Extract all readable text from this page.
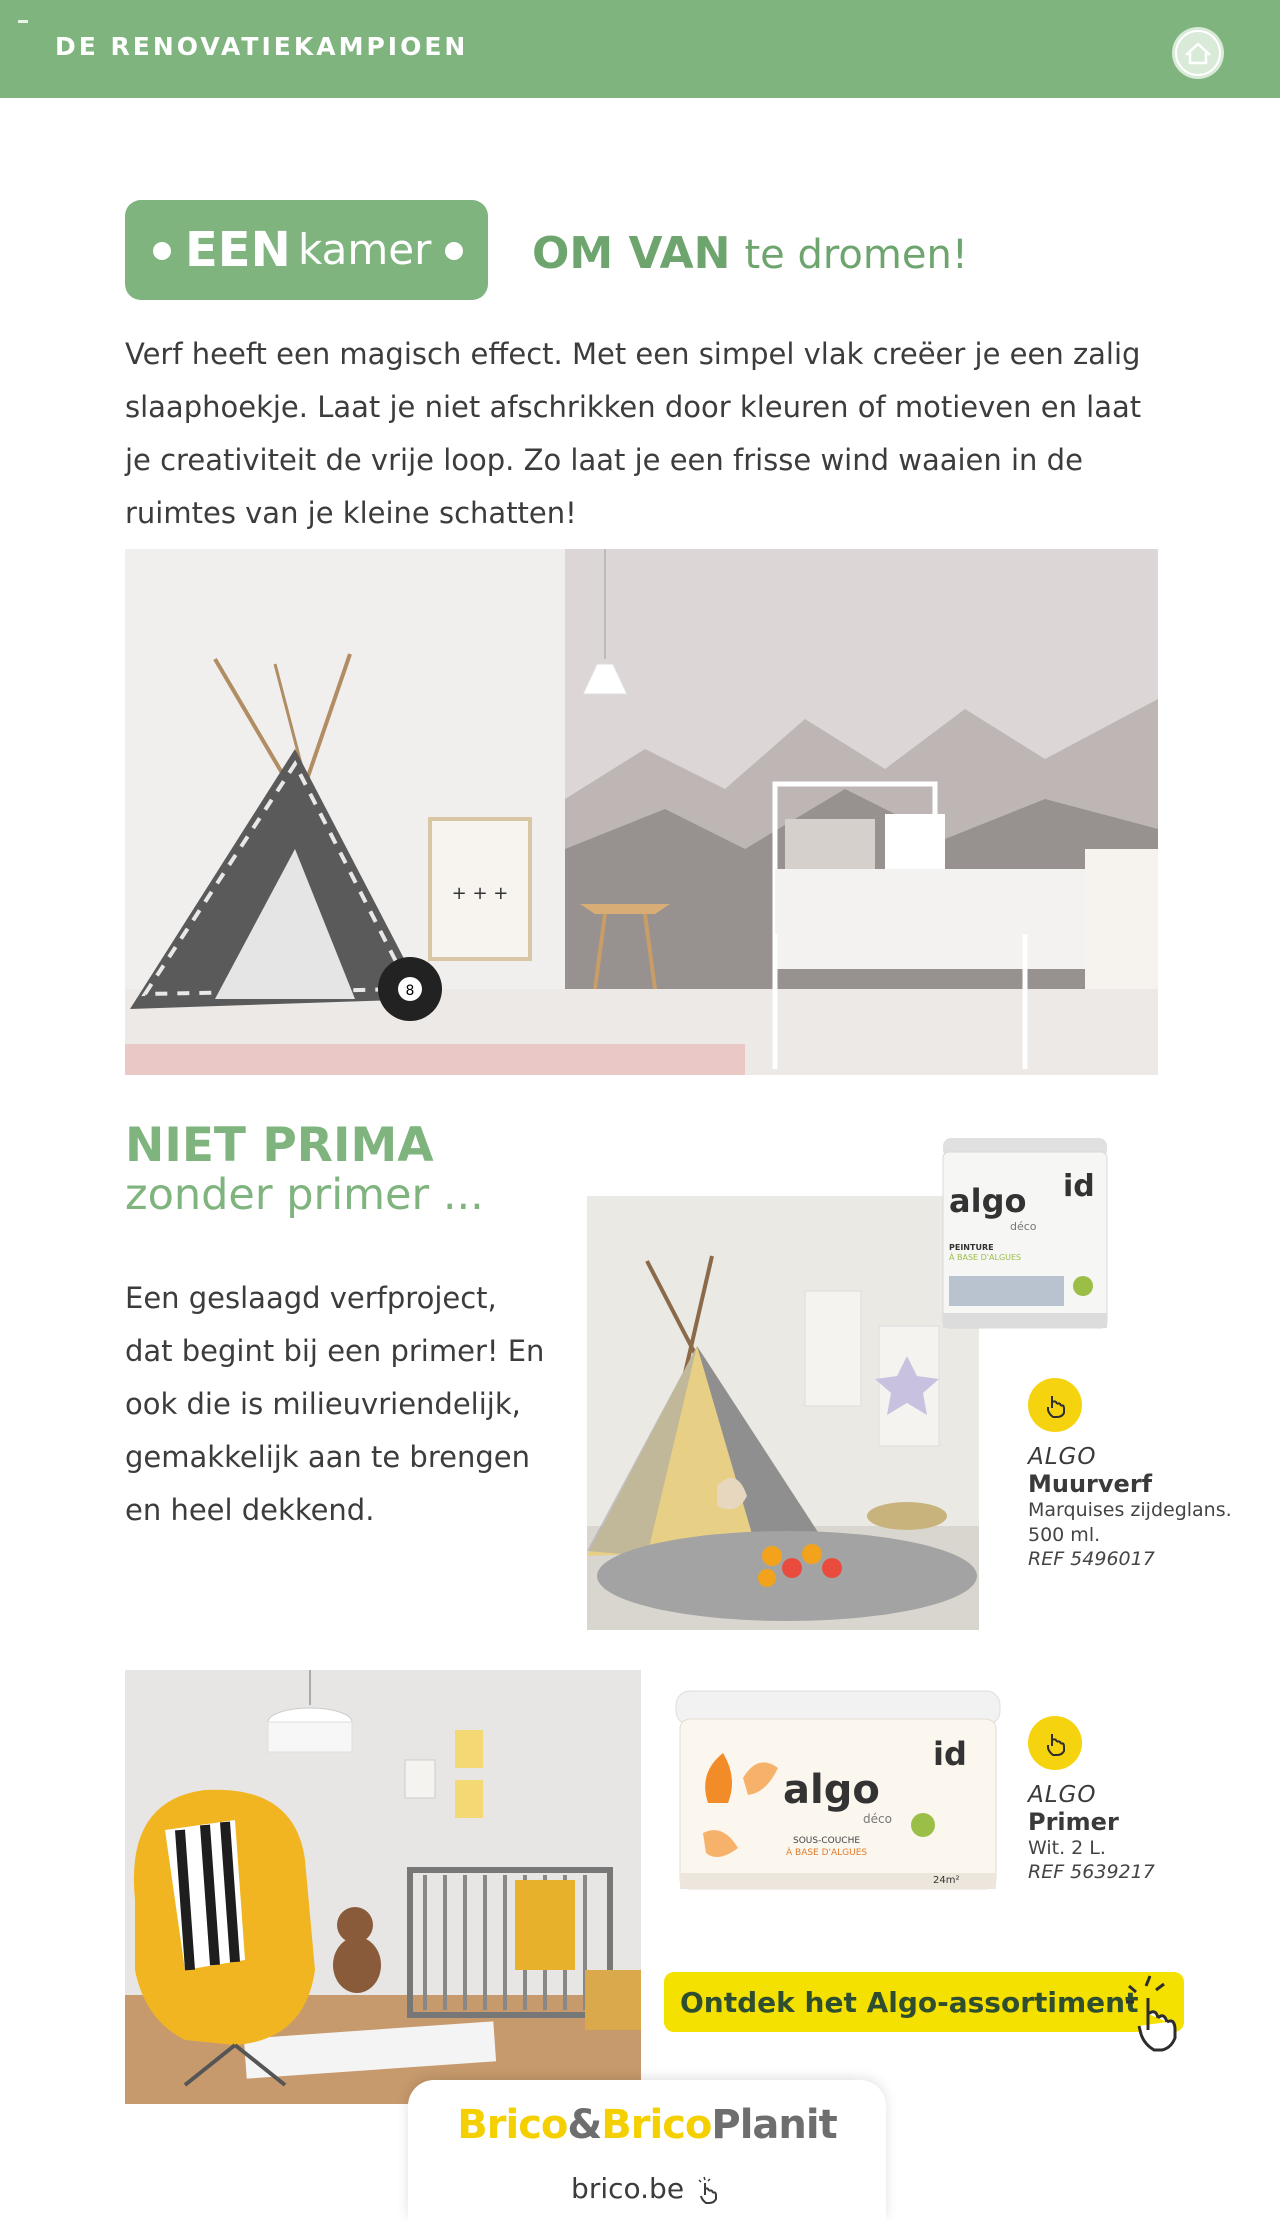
DE RENOVATIEKAMPIOEN
EEN kamer OM VAN te dromen!

Verf heeft een magisch effect. Met een simpel vlak creëer je een zalig slaaphoekje. Laat je niet afschrikken door kleuren of motieven en laat je creativiteit de vrije loop. Zo laat je een frisse wind waaien in de ruimtes van je kleine schatten!

+ + +
8
NIET PRIMA
zonder primer ...

Een geslaagd verfproject, dat begint bij een primer! En ook die is milieuvriendelijk, gemakkelijk aan te brengen en heel dekkend.

algo
déco
id
PEINTURE
À BASE D'ALGUES
ALGO
Muurverf
Marquises zijdeglans.
500 ml.
REF 5496017
algo
déco
id
SOUS-COUCHE
À BASE D'ALGUES
24m²
ALGO
Primer
Wit. 2 L.
REF 5639217
Ontdek het Algo-assortiment
Brico&BricoPlanit
brico.be
